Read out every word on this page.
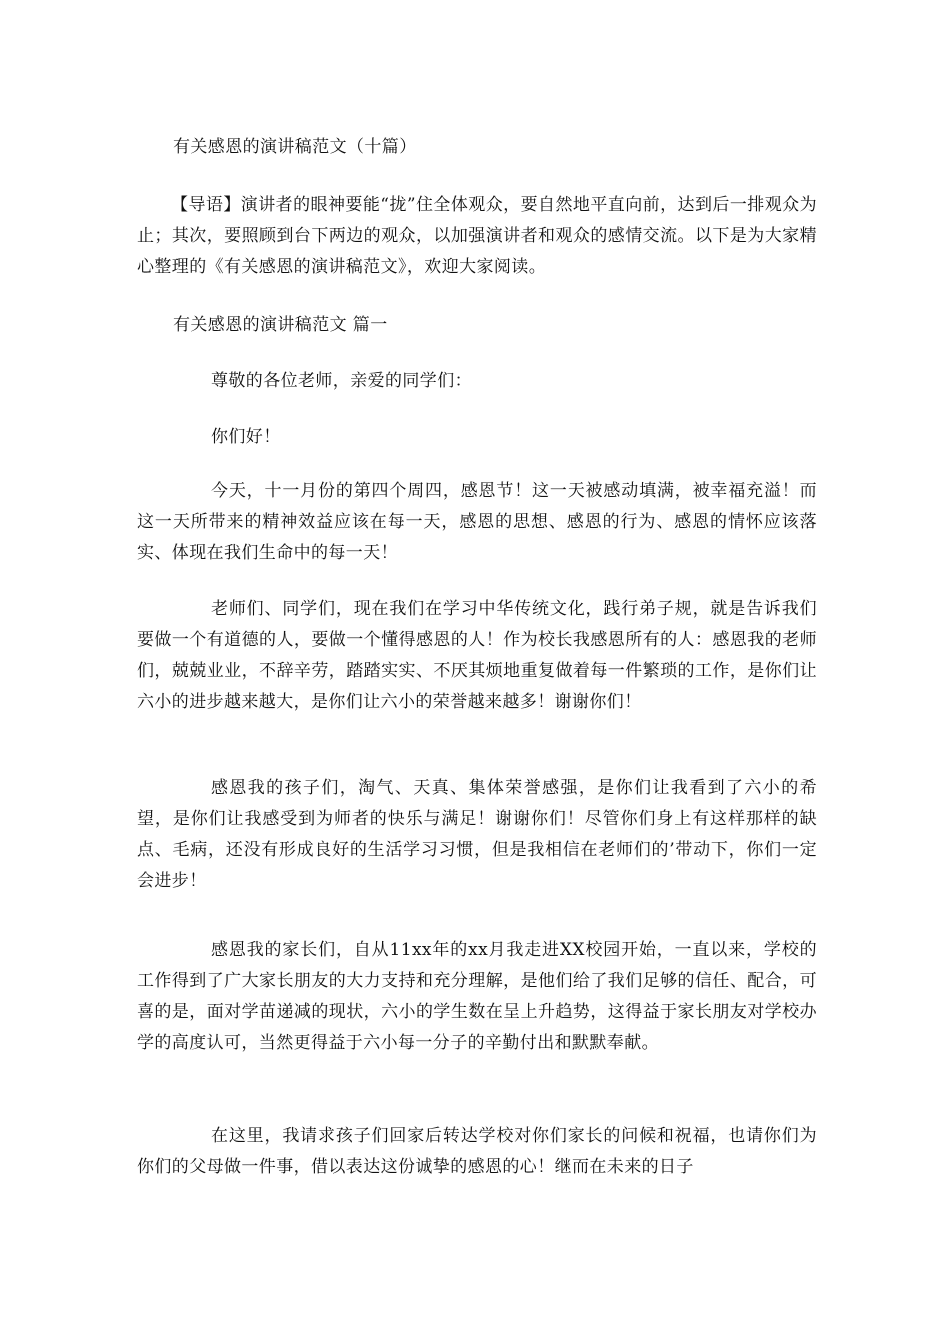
有关感恩的演讲稿范文（十篇）

【导语】演讲者的眼神要能“拢”住全体观众，要自然地平直向前，达到后一排观众为止；其次，要照顾到台下两边的观众，以加强演讲者和观众的感情交流。以下是为大家精心整理的《有关感恩的演讲稿范文》，欢迎大家阅读。

有关感恩的演讲稿范文 篇一

尊敬的各位老师，亲爱的同学们：

你们好！

今天，十一月份的第四个周四，感恩节！这一天被感动填满，被幸福充溢！而这一天所带来的精神效益应该在每一天，感恩的思想、感恩的行为、感恩的情怀应该落实、体现在我们生命中的每一天！

老师们、同学们，现在我们在学习中华传统文化，践行弟子规，就是告诉我们要做一个有道德的人，要做一个懂得感恩的人！作为校长我感恩所有的人：感恩我的老师们，兢兢业业，不辞辛劳，踏踏实实、不厌其烦地重复做着每一件繁琐的工作，是你们让六小的进步越来越大，是你们让六小的荣誉越来越多！谢谢你们！

感恩我的孩子们，淘气、天真、集体荣誉感强，是你们让我看到了六小的希望，是你们让我感受到为师者的快乐与满足！谢谢你们！尽管你们身上有这样那样的缺点、毛病，还没有形成良好的生活学习习惯，但是我相信在老师们的’带动下，你们一定会进步！

感恩我的家长们，自从11xx年的xx月我走进XX校园开始，一直以来，学校的工作得到了广大家长朋友的大力支持和充分理解，是他们给了我们足够的信任、配合，可喜的是，面对学苗递减的现状，六小的学生数在呈上升趋势，这得益于家长朋友对学校办学的高度认可，当然更得益于六小每一分子的辛勤付出和默默奉献。

在这里，我请求孩子们回家后转达学校对你们家长的问候和祝福，也请你们为你们的父母做一件事，借以表达这份诚挚的感恩的心！继而在未来的日子
